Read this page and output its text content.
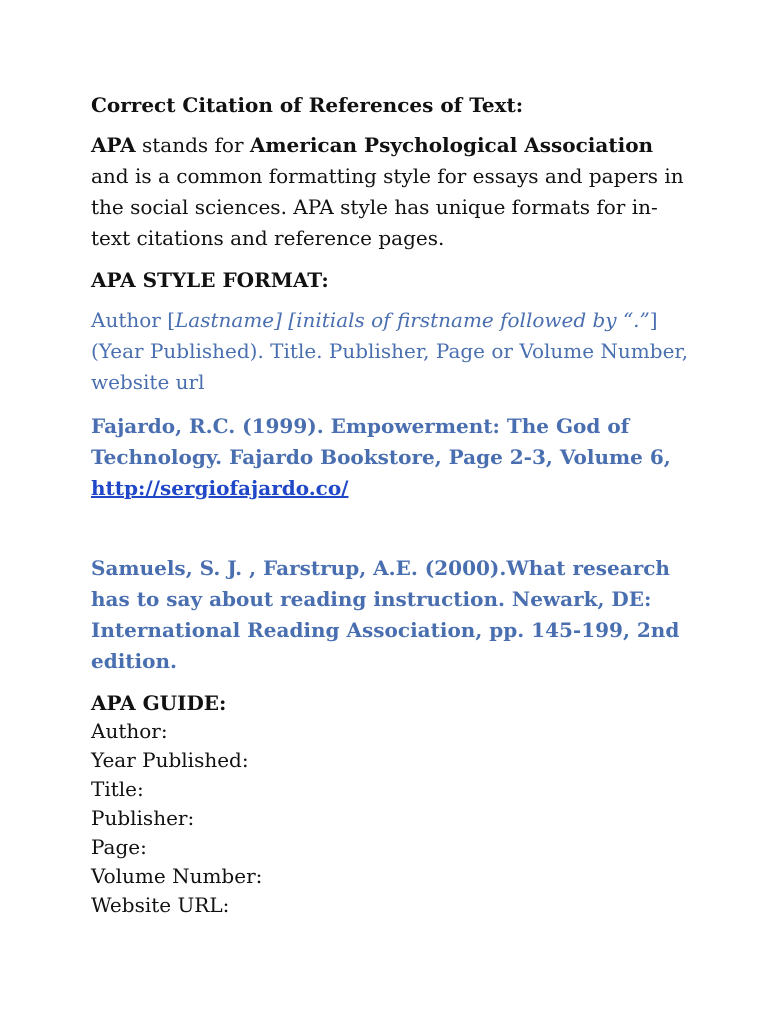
Correct Citation of References of Text:

APA stands for American Psychological Association and is a common formatting style for essays and papers in the social sciences. APA style has unique formats for in-text citations and reference pages.

APA STYLE FORMAT:

Author [Lastname] [initials of firstname followed by “.”] (Year Published). Title. Publisher, Page or Volume Number, website url

Fajardo, R.C. (1999). Empowerment: The God of Technology. Fajardo Bookstore, Page 2-3, Volume 6, http://sergiofajardo.co/

Samuels, S. J. , Farstrup, A.E. (2000).What research has to say about reading instruction. Newark, DE: International Reading Association, pp. 145-199, 2nd edition.

APA GUIDE:

Author:
Year Published:
Title:
Publisher:
Page:
Volume Number:
Website URL:
